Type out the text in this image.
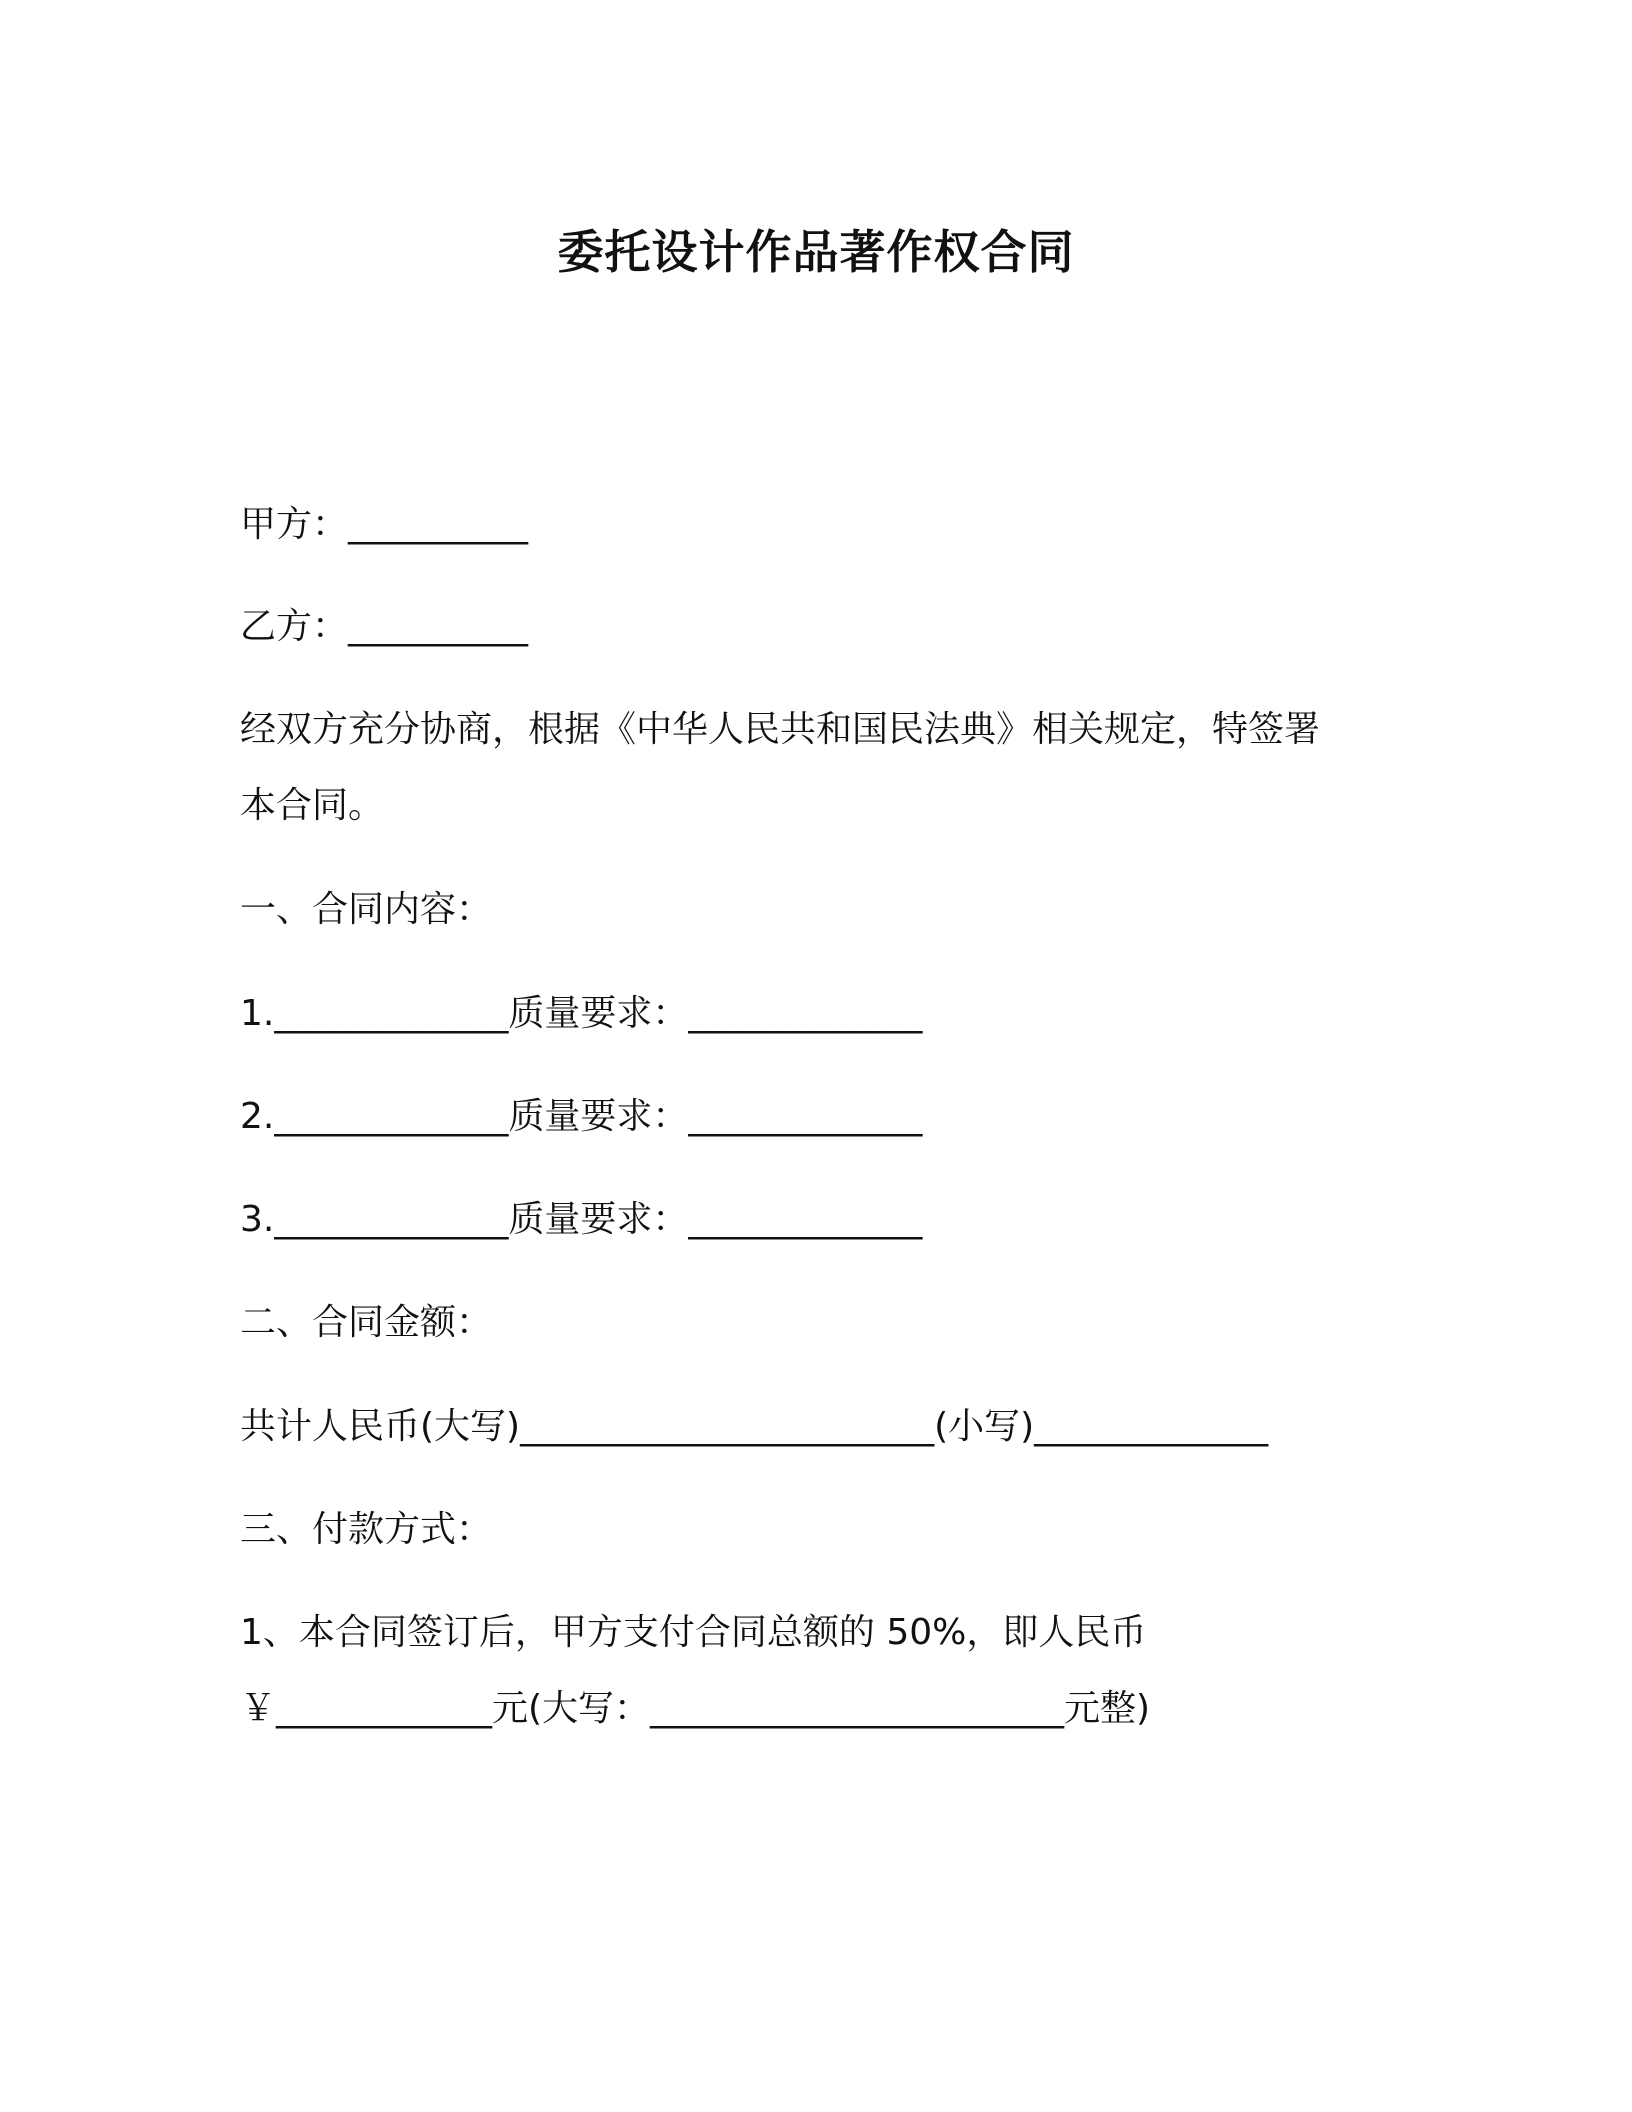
委托设计作品著作权合同
甲方：__________
乙方：__________
经双方充分协商，根据《中华人民共和国民法典》相关规定，特签署
本合同。
一、合同内容：
1._____________质量要求：_____________
2._____________质量要求：_____________
3._____________质量要求：_____________
二、合同金额：
共计人民币(大写)_______________________(小写)_____________
三、付款方式：
1、本合同签订后，甲方支付合同总额的 50%，即人民币
￥____________元(大写：_______________________元整)
